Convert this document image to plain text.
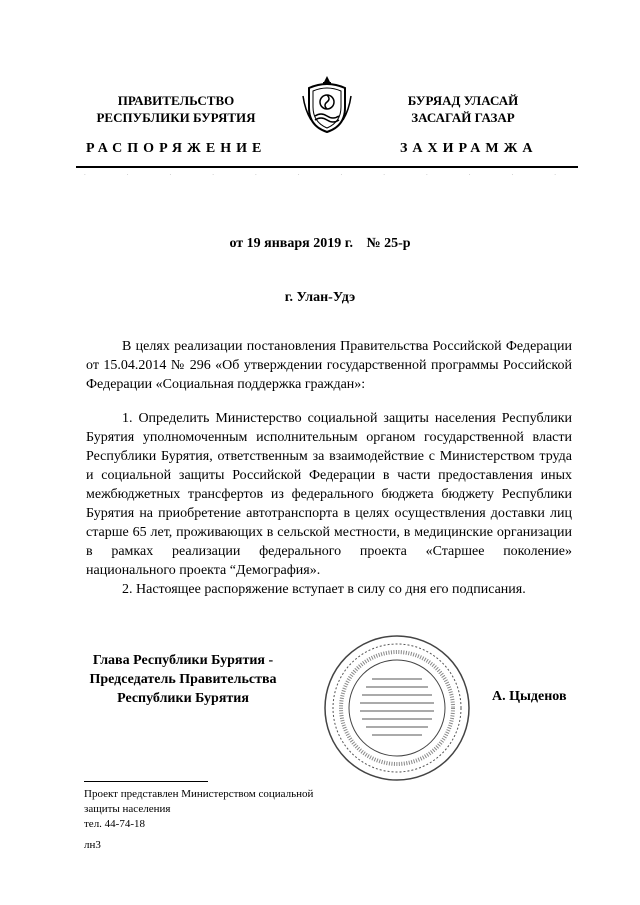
ПРАВИТЕЛЬСТВО
РЕСПУБЛИКИ БУРЯТИЯ
БУРЯАД УЛАСАЙ
ЗАСАГАЙ ГАЗАР
РАСПОРЯЖЕНИЕ	ЗАХИРАМЖА
.        .        .        .        .        .        .        .        .        .        .        .
от 19 января 2019 г. № 25-р
г. Улан-Удэ

В целях реализации постановления Правительства Российской Федерации от 15.04.2014 № 296 «Об утверждении государственной программы Российской Федерации «Социальная поддержка граждан»:

1. Определить Министерство социальной защиты населения Республики Бурятия уполномоченным исполнительным органом государственной власти Республики Бурятия, ответственным за взаимодействие с Министерством труда и социальной защиты Российской Федерации в части предоставления иных межбюджетных трансфертов из федерального бюджета бюджету Республики Бурятия на приобретение автотранспорта в целях осуществления доставки лиц старше 65 лет, проживающих в сельской местности, в медицинские организации в рамках реализации федерального проекта «Старшее поколение» национального проекта “Демография».

2. Настоящее распоряжение вступает в силу со дня его подписания.

Глава Республики Бурятия -
Председатель Правительства
Республики Бурятия	А. Цыденов
Проект представлен Министерством социальной
защиты населения
тел. 44-74-18
лн3
